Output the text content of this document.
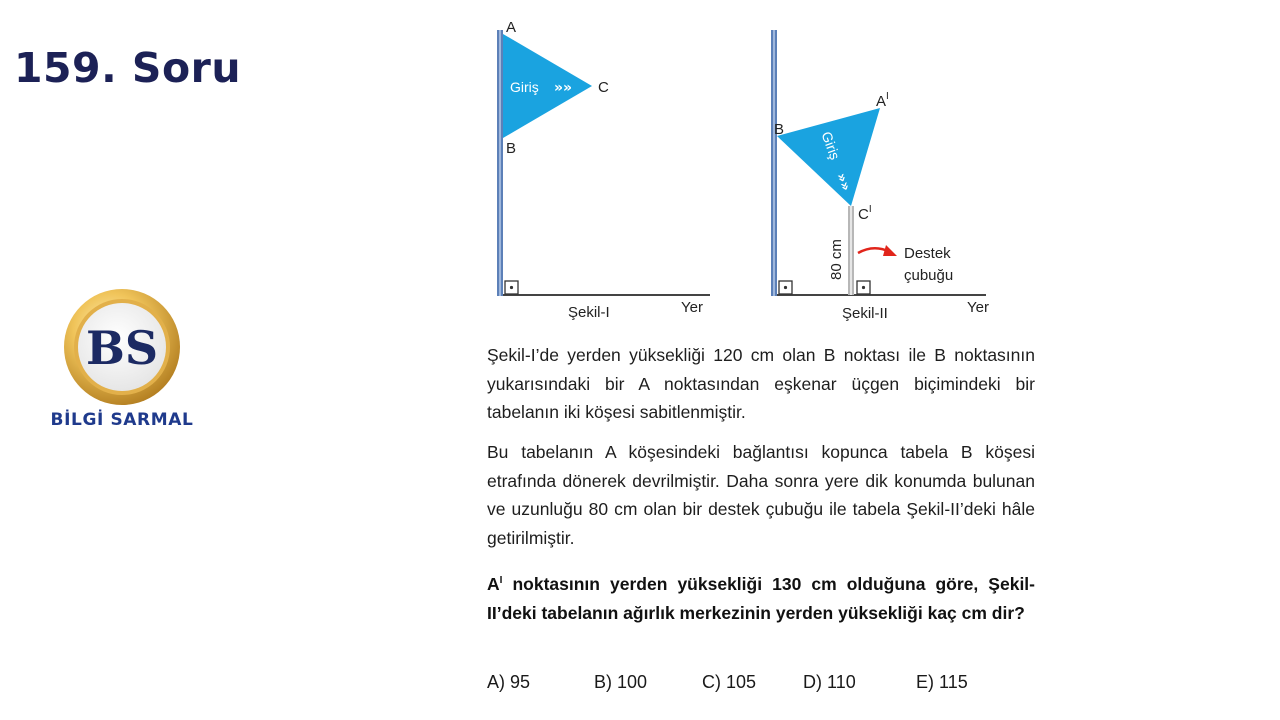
159. Soru
BS
BİLGİ SARMAL
Giriş »»
A
B
C
Şekil-I	Yer
Giriş
»»
$A^I$
B
$C^I$
80 cm	Destek
çubuğu
Şekil-II	Yer

Şekil-I’de yerden yüksekliği 120 cm olan B noktası ile B noktasının yukarısındaki bir A noktasından eşkenar üçgen biçimindeki bir tabelanın iki köşesi sabitlenmiştir.

Bu tabelanın A köşesindeki bağlantısı kopunca tabela B köşesi etrafında dönerek devrilmiştir. Daha sonra yere dik konumda bulunan ve uzunluğu 80 cm olan bir destek çubuğu ile tabela Şekil-II’deki hâle getirilmiştir.

$A^I$ noktasının yerden yüksekliği 130 cm olduğuna göre, Şekil-II’deki tabelanın ağırlık merkezinin yerden yüksekliği kaç cm dir?

A) 95	B) 100	C) 105	D) 110	E) 115
